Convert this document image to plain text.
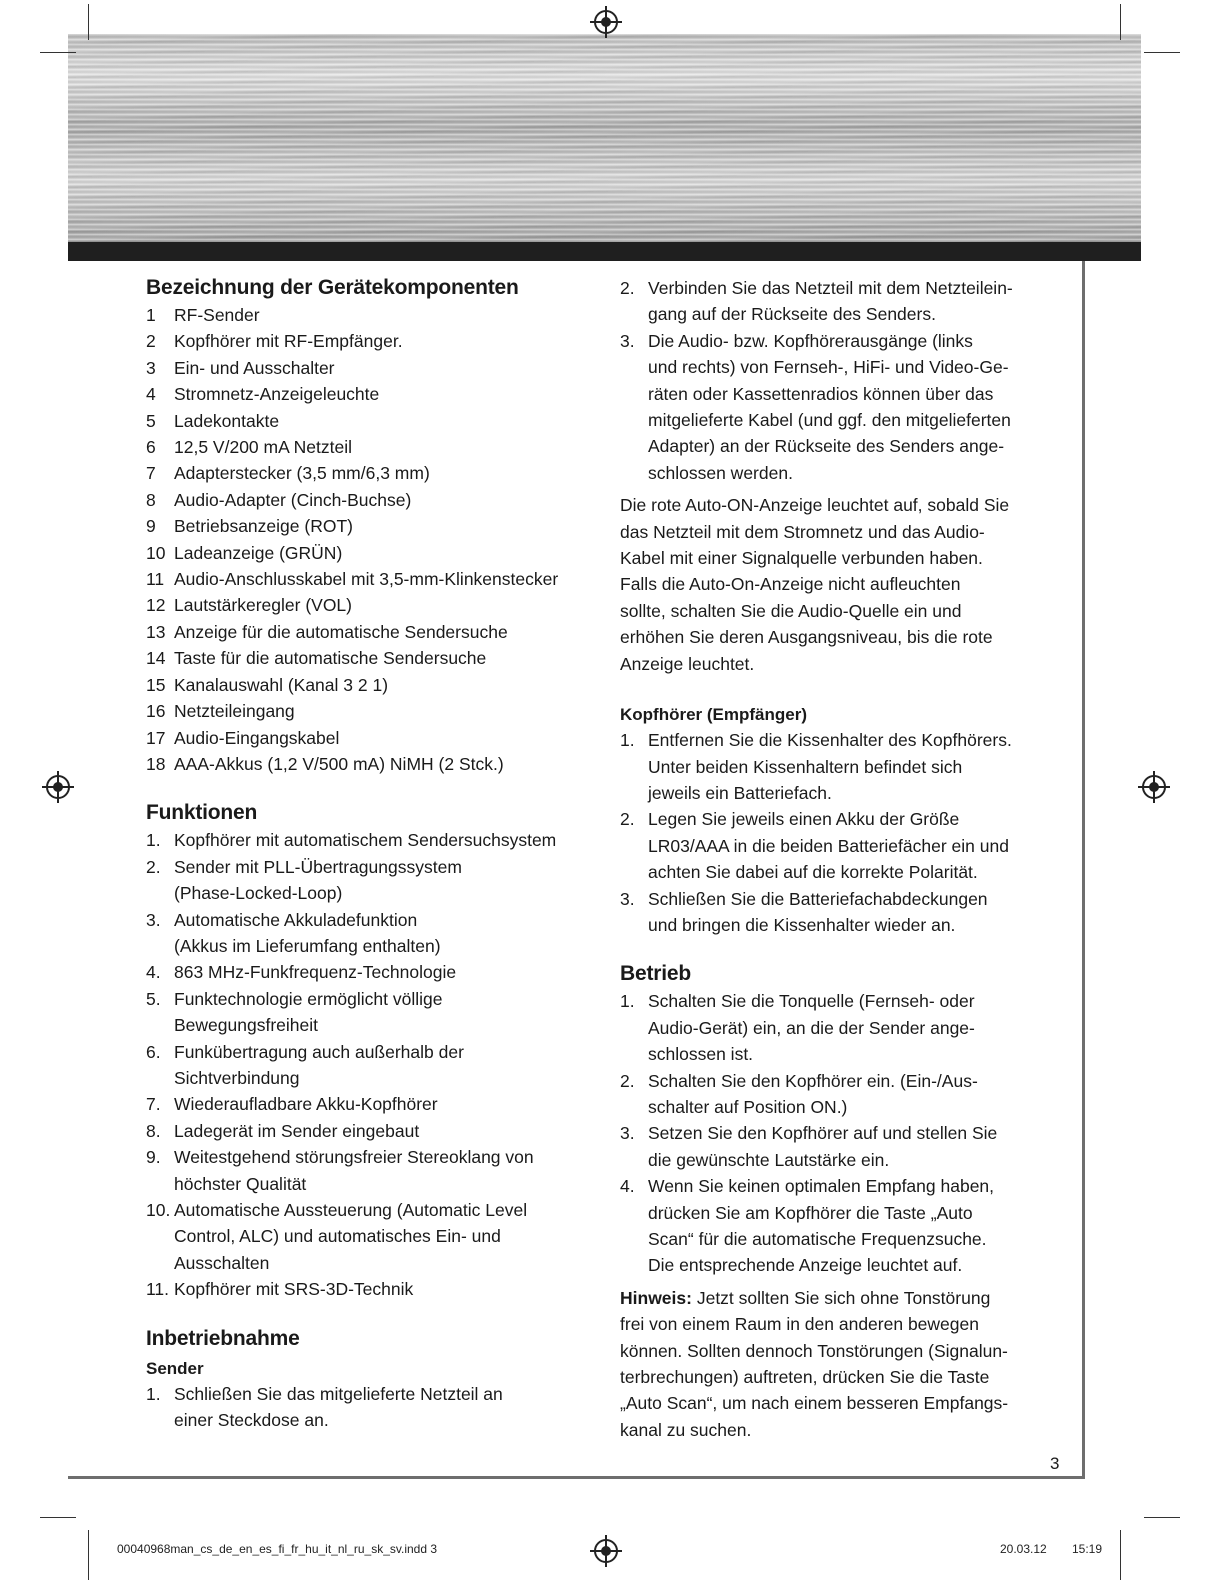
Bezeichnung der Gerätekomponenten

1	RF-Sender
2	Kopfhörer mit RF-Empfänger.
3	Ein- und Ausschalter
4	Stromnetz-Anzeigeleuchte
5	Ladekontakte
6	12,5 V/200 mA Netzteil
7	Adapterstecker (3,5 mm/6,3 mm)
8	Audio-Adapter (Cinch-Buchse)
9	Betriebsanzeige (ROT)
10 Ladeanzeige (GRÜN)
11 Audio-Anschlusskabel mit 3,5-mm-Klinkenstecker
12 Lautstärkeregler (VOL)
13 Anzeige für die automatische Sendersuche
14 Taste für die automatische Sendersuche
15 Kanalauswahl (Kanal 3 2 1)
16 Netzteileingang
17 Audio-Eingangskabel
18 AAA-Akkus (1,2 V/500 mA) NiMH (2 Stck.)

Funktionen

1. Kopfhörer mit automatischem Sendersuchsystem
2. Sender mit PLL-Übertragungssystem
(Phase-Locked-Loop)
3. Automatische Akkuladefunktion
(Akkus im Lieferumfang enthalten)
4. 863 MHz-Funkfrequenz-Technologie
5. Funktechnologie ermöglicht völlige
Bewegungsfreiheit
6. Funkübertragung auch außerhalb der
Sichtverbindung
7. Wiederaufladbare Akku-Kopfhörer
8. Ladegerät im Sender eingebaut
9. Weitestgehend störungsfreier Stereoklang von
höchster Qualität
10. Automatische Aussteuerung (Automatic Level
Control, ALC) und automatisches Ein- und
Ausschalten
11. Kopfhörer mit SRS-3D-Technik

Inbetriebnahme

Sender

1. Schließen Sie das mitgelieferte Netzteil an
einer Steckdose an.
2. Verbinden Sie das Netzteil mit dem Netzteilein-
gang auf der Rückseite des Senders.
3. Die Audio- bzw. Kopfhörerausgänge (links
und rechts) von Fernseh-, HiFi- und Video-Ge-
räten oder Kassettenradios können über das
mitgelieferte Kabel (und ggf. den mitgelieferten
Adapter) an der Rückseite des Senders ange-
schlossen werden.

Die rote Auto-ON-Anzeige leuchtet auf, sobald Sie

das Netzteil mit dem Stromnetz und das Audio-

Kabel mit einer Signalquelle verbunden haben.

Falls die Auto-On-Anzeige nicht aufleuchten

sollte, schalten Sie die Audio-Quelle ein und

erhöhen Sie deren Ausgangsniveau, bis die rote

Anzeige leuchtet.

Kopfhörer (Empfänger)

1. Entfernen Sie die Kissenhalter des Kopfhörers.
Unter beiden Kissenhaltern befindet sich
jeweils ein Batteriefach.
2. Legen Sie jeweils einen Akku der Größe
LR03/AAA in die beiden Batteriefächer ein und
achten Sie dabei auf die korrekte Polarität.
3. Schließen Sie die Batteriefachabdeckungen
und bringen die Kissenhalter wieder an.

Betrieb

1. Schalten Sie die Tonquelle (Fernseh- oder
Audio-Gerät) ein, an die der Sender ange-
schlossen ist.
2. Schalten Sie den Kopfhörer ein. (Ein-/Aus-
schalter auf Position ON.)
3. Setzen Sie den Kopfhörer auf und stellen Sie
die gewünschte Lautstärke ein.
4. Wenn Sie keinen optimalen Empfang haben,
drücken Sie am Kopfhörer die Taste „Auto
Scan“ für die automatische Frequenzsuche.
Die entsprechende Anzeige leuchtet auf.

Hinweis: Jetzt sollten Sie sich ohne Tonstörung

frei von einem Raum in den anderen bewegen

können. Sollten dennoch Tonstörungen (Signalun-

terbrechungen) auftreten, drücken Sie die Taste

„Auto Scan“, um nach einem besseren Empfangs-

kanal zu suchen.

3
00040968man_cs_de_en_es_fi_fr_hu_it_nl_ru_sk_sv.indd 3	20.03.12 15:19
